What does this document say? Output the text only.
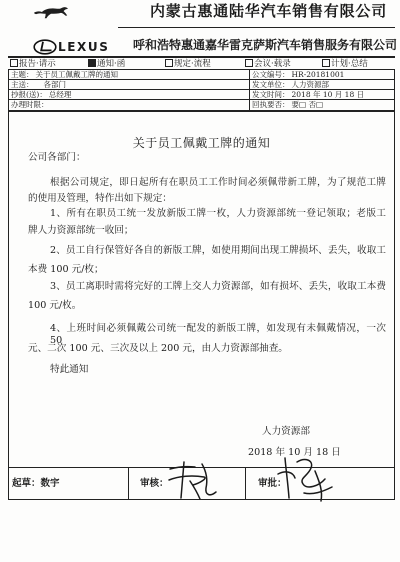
LEXUS
内蒙古惠通陆华汽车销售有限公司
呼和浩特惠通嘉华雷克萨斯汽车销售服务有限公司
报告·请示	通知·函	规定·流程	会议·载录	计划·总结
主题： 关于员工佩戴工牌的通知	公文编号： HR-20181001
主送： 各部门	发文单位： 人力资源部
抄报(送)： 总经理	发文时间： 2018 年 10 月 18 日
办理时限：	回执要否： 要□ 否□
关于员工佩戴工牌的通知
公司各部门：
根据公司规定，即日起所有在职员工工作时间必须佩带新工牌，为了规范工牌
的使用及管理，特作出如下规定：
1、所有在职员工统一发放新版工牌一枚，人力资源部统一登记领取；老版工
牌人力资源部统一收回；
2、员工自行保管好各自的新版工牌，如使用期间出现工牌损坏、丢失，收取工
本费 100 元/枚；
3、员工离职时需将完好的工牌上交人力资源部，如有损坏、丢失，收取工本费
100 元/枚。
4、上班时间必须佩戴公司统一配发的新版工牌，如发现有未佩戴情况，一次 50
元、二次 100 元、三次及以上 200 元，由人力资源部抽查。
特此通知
人力资源部
2018 年 10 月 18 日
起草：数宇	审核：	审批：
